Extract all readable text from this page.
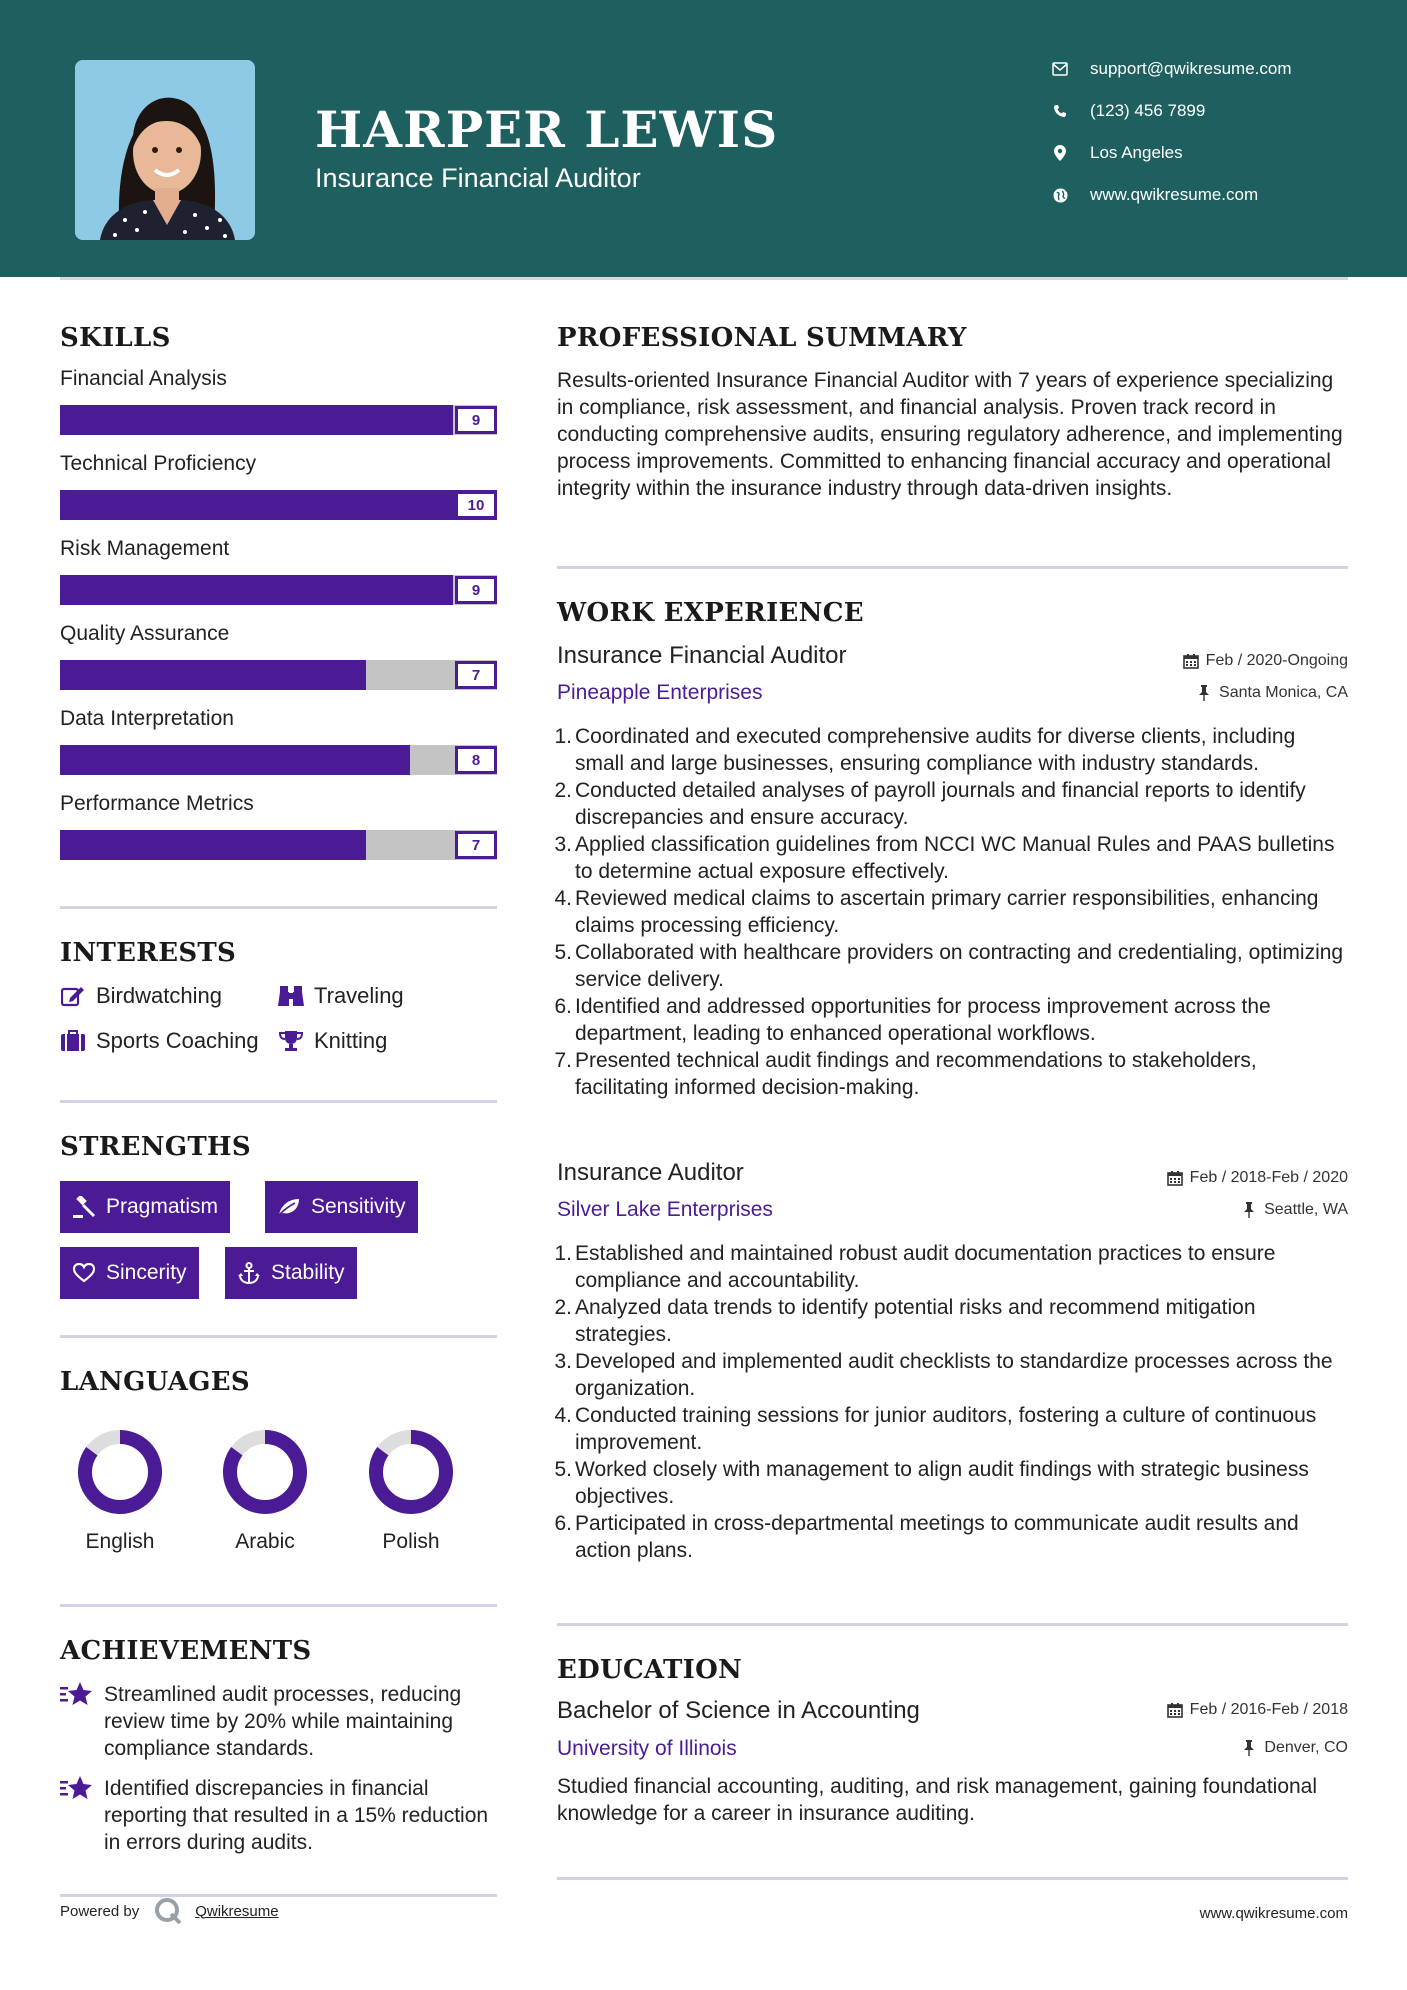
HARPER LEWIS
Insurance Financial Auditor
support@qwikresume.com
(123) 456 7899
Los Angeles
www.qwikresume.com
SKILLS
Financial Analysis
9
Technical Proficiency
10
Risk Management
9
Quality Assurance
7
Data Interpretation
8
Performance Metrics
7
INTERESTS
Birdwatching	Traveling
Sports Coaching	Knitting
STRENGTHS
Pragmatism	Sensitivity
Sincerity	Stability
LANGUAGES
English	Arabic	Polish
ACHIEVEMENTS
Streamlined audit processes, reducing review time by 20% while maintaining compliance standards.
Identified discrepancies in financial reporting that resulted in a 15% reduction in errors during audits.
PROFESSIONAL SUMMARY
Results-oriented Insurance Financial Auditor with 7 years of experience specializing in compliance, risk assessment, and financial analysis. Proven track record in conducting comprehensive audits, ensuring regulatory adherence, and implementing process improvements. Committed to enhancing financial accuracy and operational integrity within the insurance industry through data-driven insights.
WORK EXPERIENCE
Insurance Financial Auditor
Pineapple Enterprises
Feb / 2020-Ongoing
Santa Monica, CA
1. Coordinated and executed comprehensive audits for diverse clients, including small and large businesses, ensuring compliance with industry standards.
2. Conducted detailed analyses of payroll journals and financial reports to identify discrepancies and ensure accuracy.
3. Applied classification guidelines from NCCI WC Manual Rules and PAAS bulletins to determine actual exposure effectively.
4. Reviewed medical claims to ascertain primary carrier responsibilities, enhancing claims processing efficiency.
5. Collaborated with healthcare providers on contracting and credentialing, optimizing service delivery.
6. Identified and addressed opportunities for process improvement across the department, leading to enhanced operational workflows.
7. Presented technical audit findings and recommendations to stakeholders, facilitating informed decision-making.
Insurance Auditor
Silver Lake Enterprises
Feb / 2018-Feb / 2020
Seattle, WA
1. Established and maintained robust audit documentation practices to ensure compliance and accountability.
2. Analyzed data trends to identify potential risks and recommend mitigation strategies.
3. Developed and implemented audit checklists to standardize processes across the organization.
4. Conducted training sessions for junior auditors, fostering a culture of continuous improvement.
5. Worked closely with management to align audit findings with strategic business objectives.
6. Participated in cross-departmental meetings to communicate audit results and action plans.
EDUCATION
Bachelor of Science in Accounting
University of Illinois
Feb / 2016-Feb / 2018
Denver, CO
Studied financial accounting, auditing, and risk management, gaining foundational knowledge for a career in insurance auditing.
Powered by	Qwikresume	www.qwikresume.com
